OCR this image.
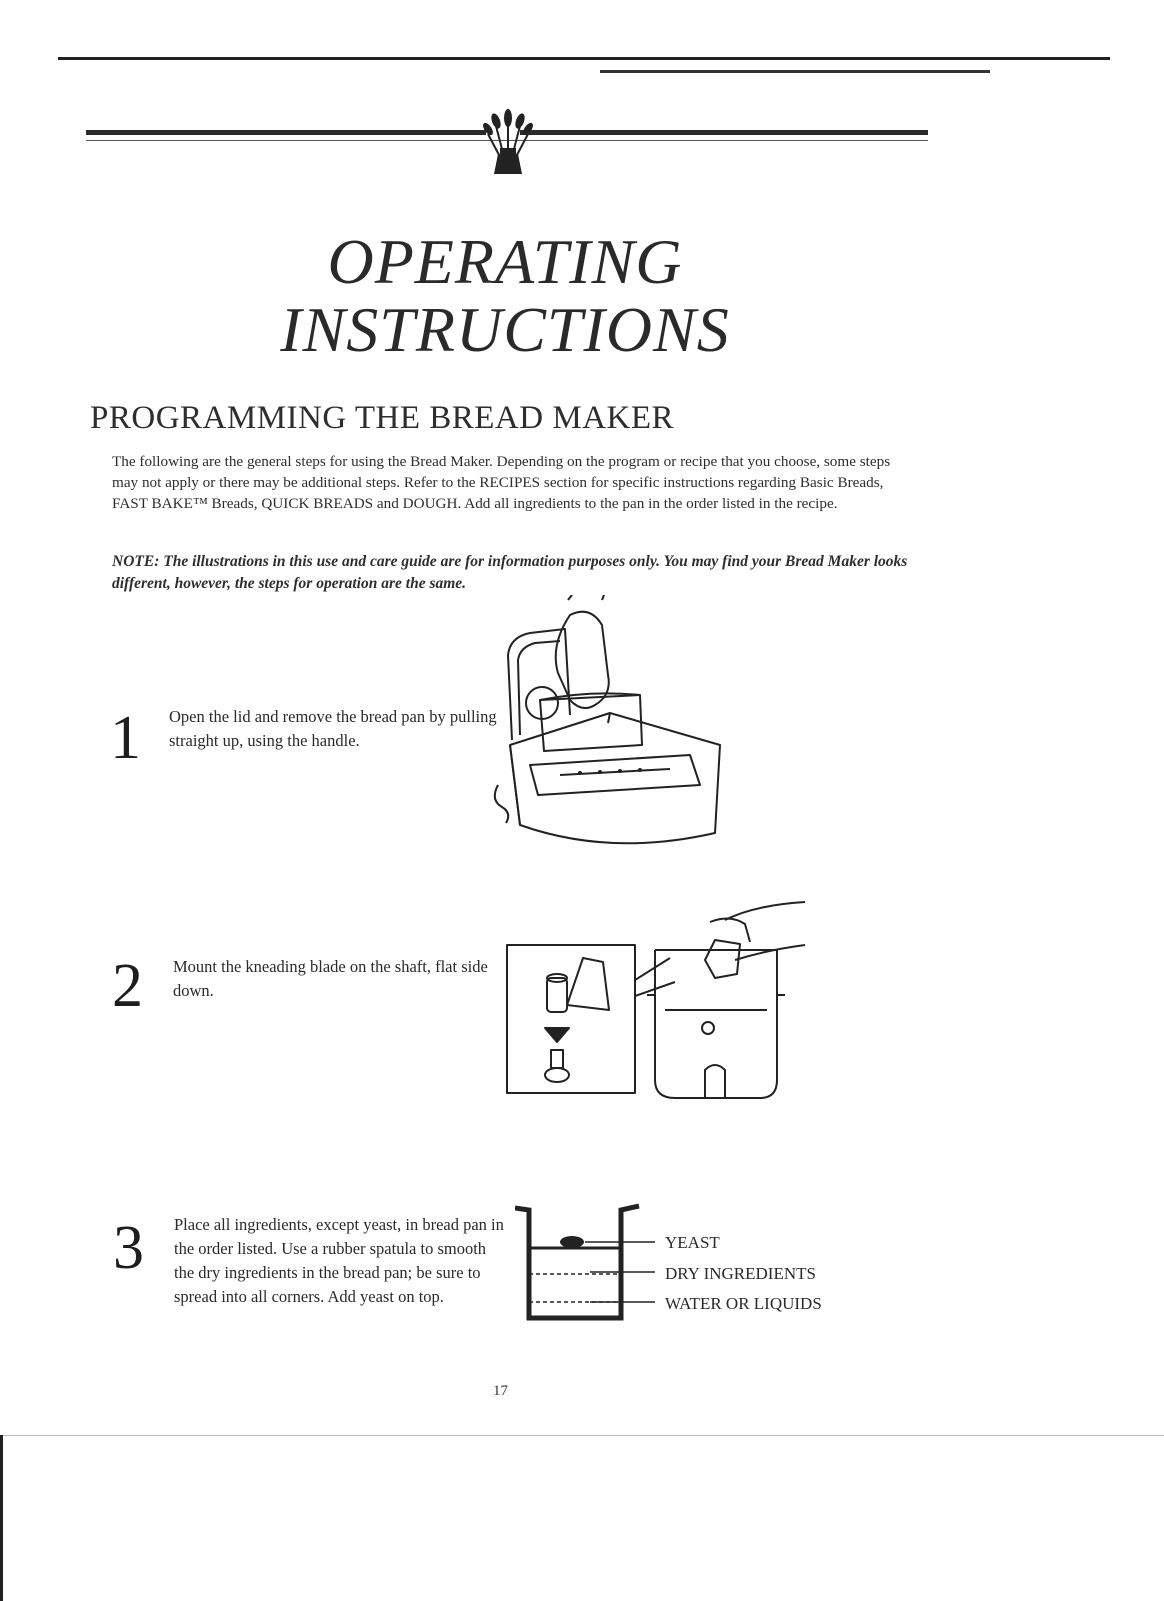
OPERATING
INSTRUCTIONS
PROGRAMMING THE BREAD MAKER
The following are the general steps for using the Bread Maker. Depending on the program or recipe that you choose, some steps may not apply or there may be additional steps. Refer to the RECIPES section for specific instructions regarding Basic Breads, FAST BAKE™ Breads, QUICK BREADS and DOUGH. Add all ingredients to the pan in the order listed in the recipe.
NOTE: The illustrations in this use and care guide are for information purposes only. You may find your Bread Maker looks different, however, the steps for operation are the same.
1 Open the lid and remove the bread pan by pulling straight up, using the handle.
2 Mount the kneading blade on the shaft, flat side down.
3 Place all ingredients, except yeast, in bread pan in the order listed. Use a rubber spatula to smooth the dry ingredients in the bread pan; be sure to spread into all corners. Add yeast on top.
YEAST
DRY INGREDIENTS
WATER OR LIQUIDS
17
